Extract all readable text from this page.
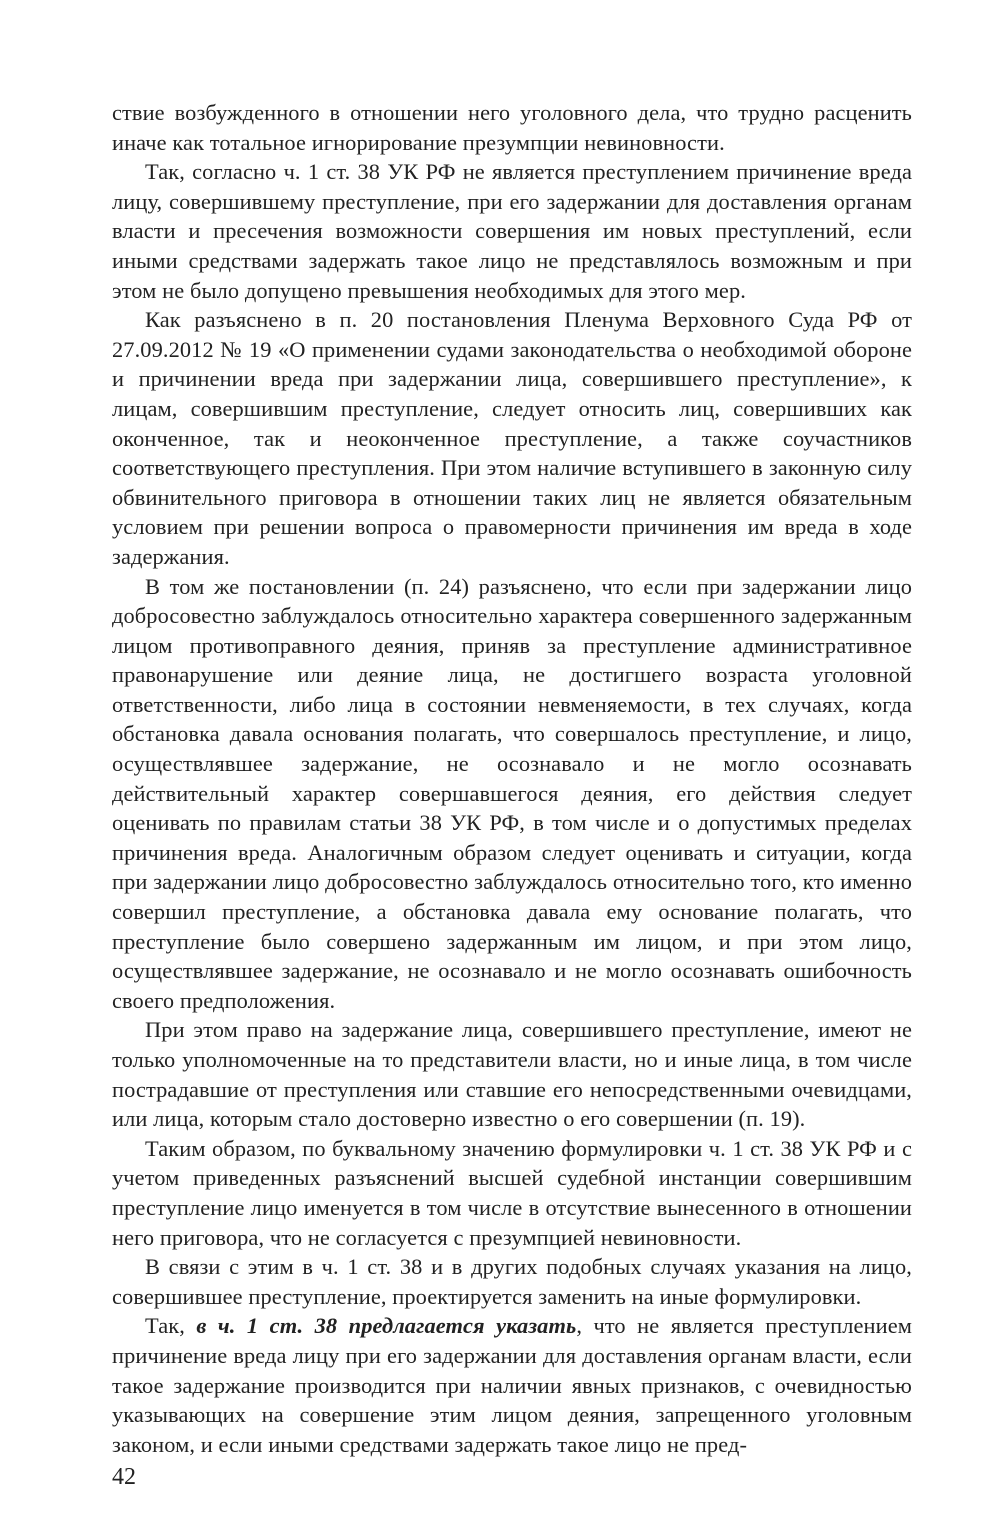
ствие возбужденного в отношении него уголовного дела, что трудно расценить иначе как тотальное игнорирование презумпции невиновности.

Так, согласно ч. 1 ст. 38 УК РФ не является преступлением причинение вреда лицу, совершившему преступление, при его задержании для доставления органам власти и пресечения возможности совершения им новых преступлений, если иными средствами задержать такое лицо не представлялось возможным и при этом не было допущено превышения необходимых для этого мер.

Как разъяснено в п. 20 постановления Пленума Верховного Суда РФ от 27.09.2012 № 19 «О применении судами законодательства о необходимой обороне и причинении вреда при задержании лица, совершившего преступление», к лицам, совершившим преступление, следует относить лиц, совершивших как оконченное, так и неоконченное преступление, а также соучастников соответствующего преступления. При этом наличие вступившего в законную силу обвинительного приговора в отношении таких лиц не является обязательным условием при решении вопроса о правомерности причинения им вреда в ходе задержания.

В том же постановлении (п. 24) разъяснено, что если при задержании лицо добросовестно заблуждалось относительно характера совершенного задержанным лицом противоправного деяния, приняв за преступление административное правонарушение или деяние лица, не достигшего возраста уголовной ответственности, либо лица в состоянии невменяемости, в тех случаях, когда обстановка давала основания полагать, что совершалось преступление, и лицо, осуществлявшее задержание, не осознавало и не могло осознавать действительный характер совершавшегося деяния, его действия следует оценивать по правилам статьи 38 УК РФ, в том числе и о допустимых пределах причинения вреда. Аналогичным образом следует оценивать и ситуации, когда при задержании лицо добросовестно заблуждалось относительно того, кто именно совершил преступление, а обстановка давала ему основание полагать, что преступление было совершено задержанным им лицом, и при этом лицо, осуществлявшее задержание, не осознавало и не могло осознавать ошибочность своего предположения.

При этом право на задержание лица, совершившего преступление, имеют не только уполномоченные на то представители власти, но и иные лица, в том числе пострадавшие от преступления или ставшие его непосредственными очевидцами, или лица, которым стало достоверно известно о его совершении (п. 19).

Таким образом, по буквальному значению формулировки ч. 1 ст. 38 УК РФ и с учетом приведенных разъяснений высшей судебной инстанции совершившим преступление лицо именуется в том числе в отсутствие вынесенного в отношении него приговора, что не согласуется с презумпцией невиновности.

В связи с этим в ч. 1 ст. 38 и в других подобных случаях указания на лицо, совершившее преступление, проектируется заменить на иные формулировки.

Так, в ч. 1 ст. 38 предлагается указать, что не является преступлением причинение вреда лицу при его задержании для доставления органам власти, если такое задержание производится при наличии явных признаков, с очевидностью указывающих на совершение этим лицом деяния, запрещенного уголовным законом, и если иными средствами задержать такое лицо не пред-

42
